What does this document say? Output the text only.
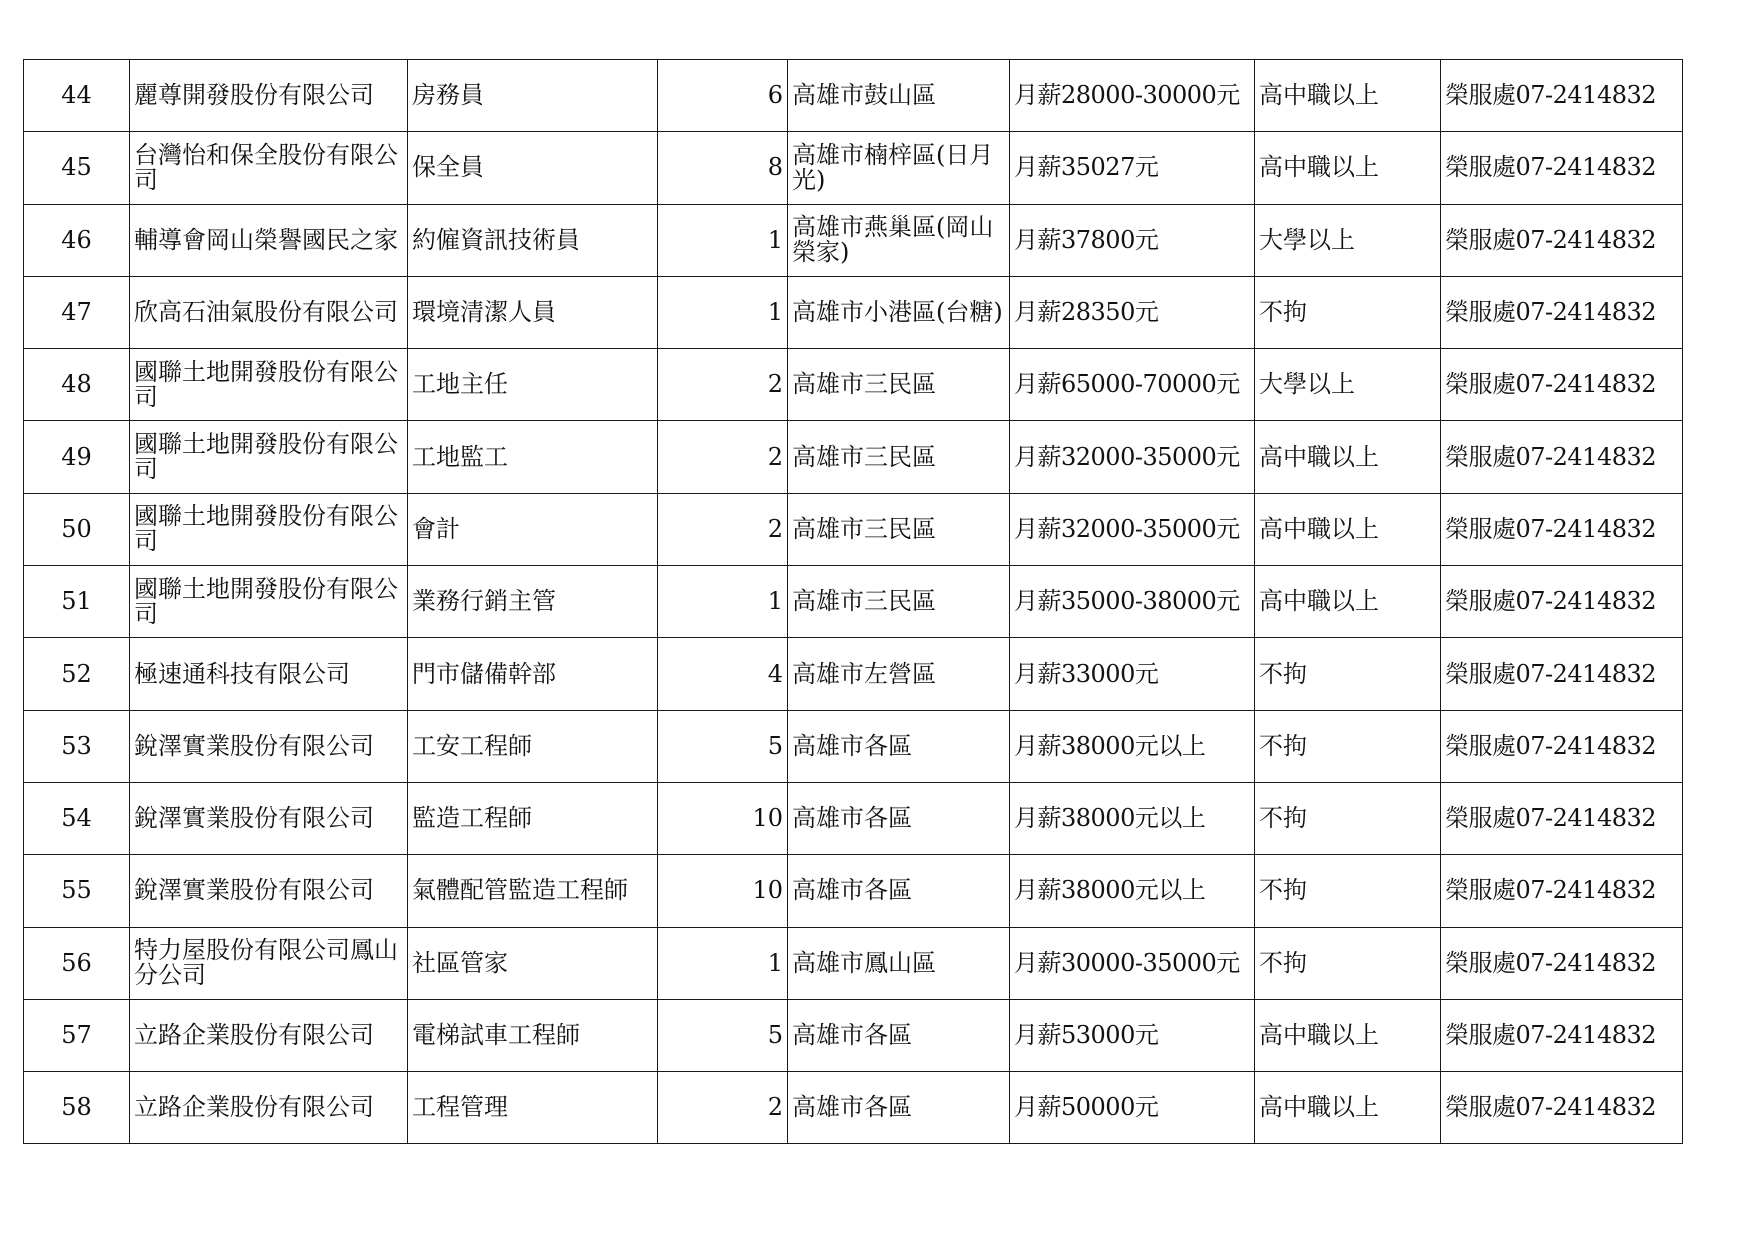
44	麗尊開發股份有限公司	房務員	6	高雄市鼓山區	月薪28000-30000元	高中職以上	榮服處07-2414832
45	台灣怡和保全股份有限公司	保全員	8	高雄市楠梓區(日月光)	月薪35027元	高中職以上	榮服處07-2414832
46	輔導會岡山榮譽國民之家	約僱資訊技術員	1	高雄市燕巢區(岡山榮家)	月薪37800元	大學以上	榮服處07-2414832
47	欣高石油氣股份有限公司	環境清潔人員	1	高雄市小港區(台糖)	月薪28350元	不拘	榮服處07-2414832
48	國聯土地開發股份有限公司	工地主任	2	高雄市三民區	月薪65000-70000元	大學以上	榮服處07-2414832
49	國聯土地開發股份有限公司	工地監工	2	高雄市三民區	月薪32000-35000元	高中職以上	榮服處07-2414832
50	國聯土地開發股份有限公司	會計	2	高雄市三民區	月薪32000-35000元	高中職以上	榮服處07-2414832
51	國聯土地開發股份有限公司	業務行銷主管	1	高雄市三民區	月薪35000-38000元	高中職以上	榮服處07-2414832
52	極速通科技有限公司	門市儲備幹部	4	高雄市左營區	月薪33000元	不拘	榮服處07-2414832
53	銳澤實業股份有限公司	工安工程師	5	高雄市各區	月薪38000元以上	不拘	榮服處07-2414832
54	銳澤實業股份有限公司	監造工程師	10	高雄市各區	月薪38000元以上	不拘	榮服處07-2414832
55	銳澤實業股份有限公司	氣體配管監造工程師	10	高雄市各區	月薪38000元以上	不拘	榮服處07-2414832
56	特力屋股份有限公司鳳山分公司	社區管家	1	高雄市鳳山區	月薪30000-35000元	不拘	榮服處07-2414832
57	立路企業股份有限公司	電梯試車工程師	5	高雄市各區	月薪53000元	高中職以上	榮服處07-2414832
58	立路企業股份有限公司	工程管理	2	高雄市各區	月薪50000元	高中職以上	榮服處07-2414832
